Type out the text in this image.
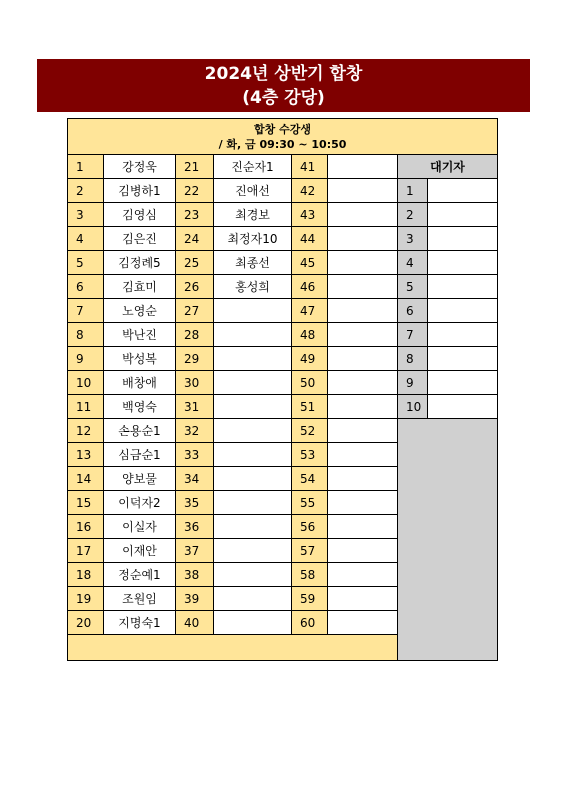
2024년 상반기 합창
(4층 강당)
합창 수강생
/ 화, 금 09:30 ~ 10:50							

1	강정욱	21	진순자1	41		대기자	
2	김병하1	22	진애선	42		1	
3	김영심	23	최경보	43		2	
4	김은진	24	최정자10	44		3	
5	김정례5	25	최종선	45		4	
6	김효미	26	홍성희	46		5	
7	노영순	27		47		6	
8	박난진	28		48		7	
9	박성복	29		49		8	
10	배창애	30		50		9	
11	백영숙	31		51		10	
12	손용순1	32		52			
13	심금순1	33		53			
14	양보물	34		54			
15	이덕자2	35		55			
16	이실자	36		56			
17	이재안	37		57			
18	정순예1	38		58			
19	조원임	39		59			
20	지명숙1	40		60			
